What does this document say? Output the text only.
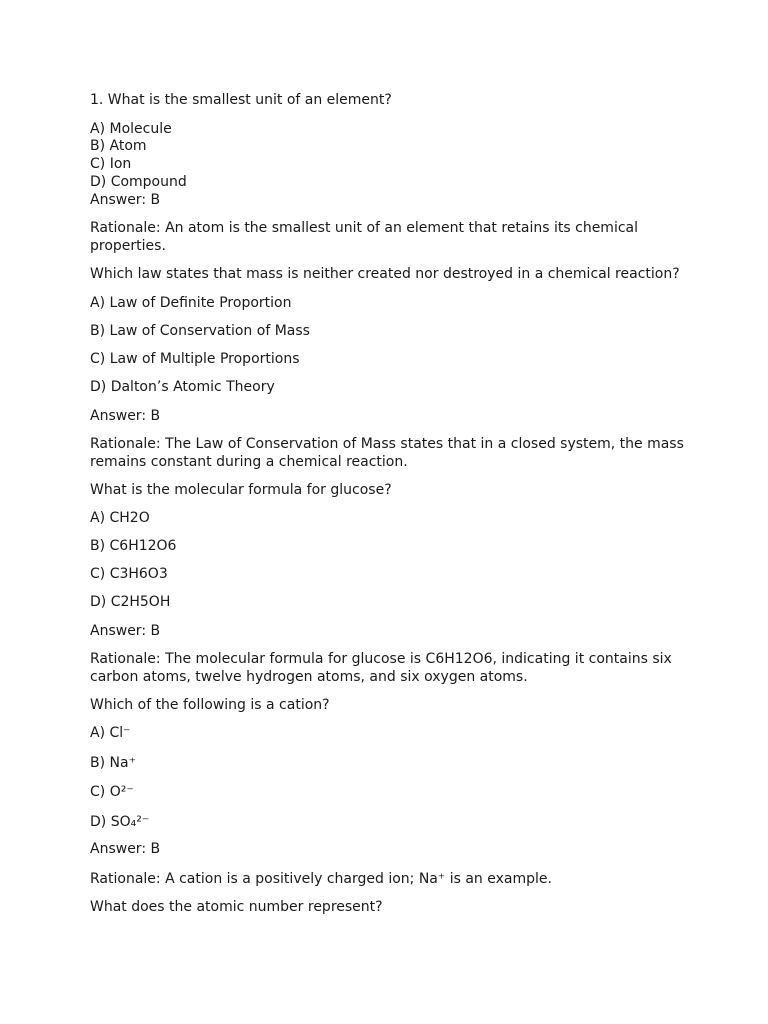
1. What is the smallest unit of an element?
A) Molecule
B) Atom
C) Ion
D) Compound
Answer: B
Rationale: An atom is the smallest unit of an element that retains its chemical properties.
Which law states that mass is neither created nor destroyed in a chemical reaction?
A) Law of Definite Proportion
B) Law of Conservation of Mass
C) Law of Multiple Proportions
D) Dalton’s Atomic Theory
Answer: B
Rationale: The Law of Conservation of Mass states that in a closed system, the mass remains constant during a chemical reaction.
What is the molecular formula for glucose?
A) CH2O
B) C6H12O6
C) C3H6O3
D) C2H5OH
Answer: B
Rationale: The molecular formula for glucose is C6H12O6, indicating it contains six carbon atoms, twelve hydrogen atoms, and six oxygen atoms.
Which of the following is a cation?
A) Cl⁻
B) Na⁺
C) O²⁻
D) SO₄²⁻
Answer: B
Rationale: A cation is a positively charged ion; Na⁺ is an example.
What does the atomic number represent?
